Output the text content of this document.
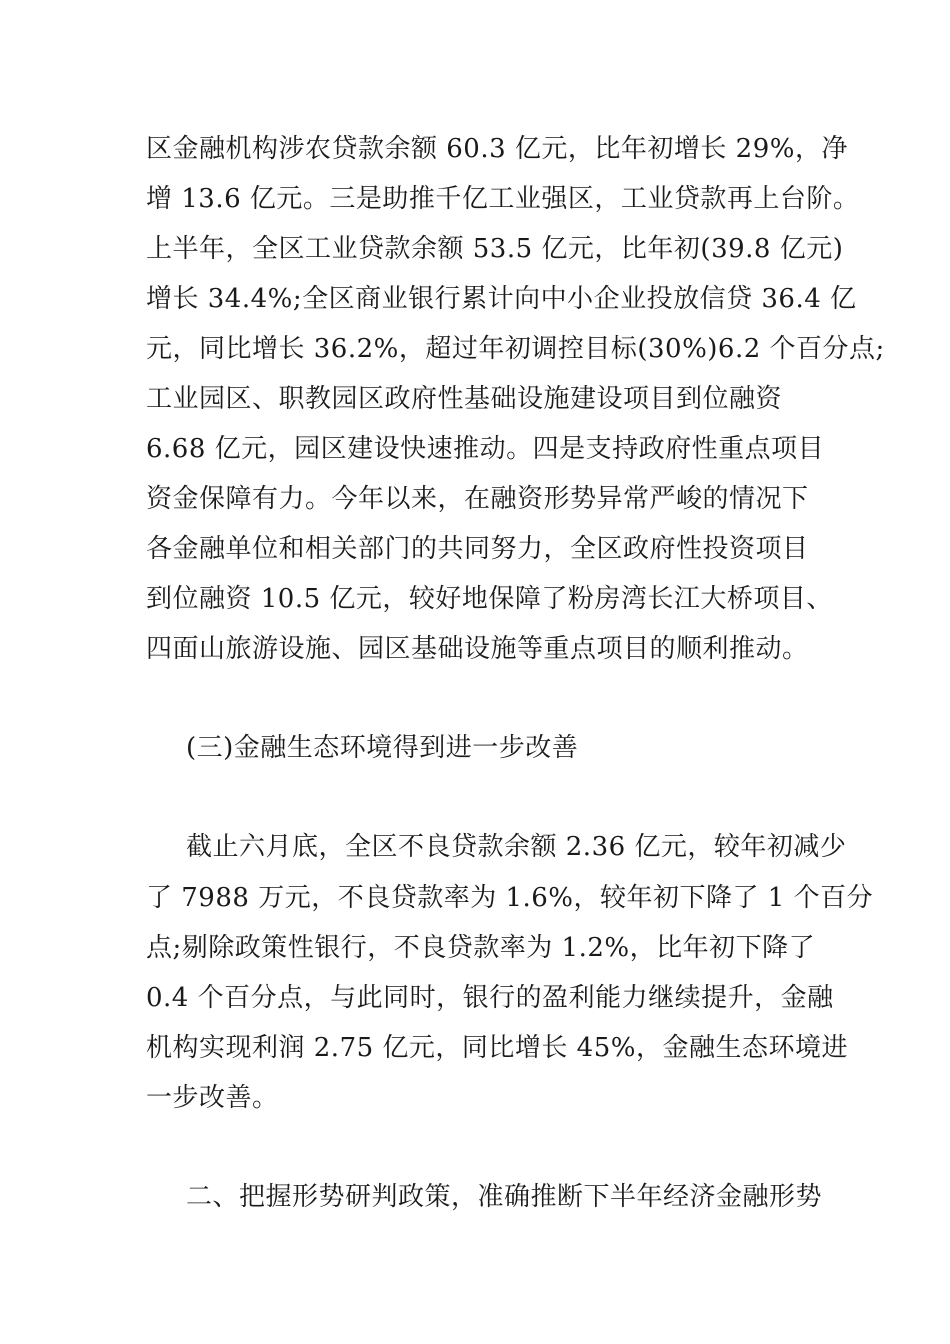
区金融机构涉农贷款余额 60.3 亿元，比年初增长 29%，净
增 13.6 亿元。三是助推千亿工业强区，工业贷款再上台阶。
上半年，全区工业贷款余额 53.5 亿元，比年初(39.8 亿元)
增长 34.4%;全区商业银行累计向中小企业投放信贷 36.4 亿
元，同比增长 36.2%，超过年初调控目标(30%)6.2 个百分点;
工业园区、职教园区政府性基础设施建设项目到位融资
6.68 亿元，园区建设快速推动。四是支持政府性重点项目
资金保障有力。今年以来，在融资形势异常严峻的情况下
各金融单位和相关部门的共同努力，全区政府性投资项目
到位融资 10.5 亿元，较好地保障了粉房湾长江大桥项目、
四面山旅游设施、园区基础设施等重点项目的顺利推动。
(三)金融生态环境得到进一步改善
截止六月底，全区不良贷款余额 2.36 亿元，较年初减少
了 7988 万元，不良贷款率为 1.6%，较年初下降了 1 个百分
点;剔除政策性银行，不良贷款率为 1.2%，比年初下降了
0.4 个百分点，与此同时，银行的盈利能力继续提升，金融
机构实现利润 2.75 亿元，同比增长 45%，金融生态环境进
一步改善。
二、把握形势研判政策，准确推断下半年经济金融形势
